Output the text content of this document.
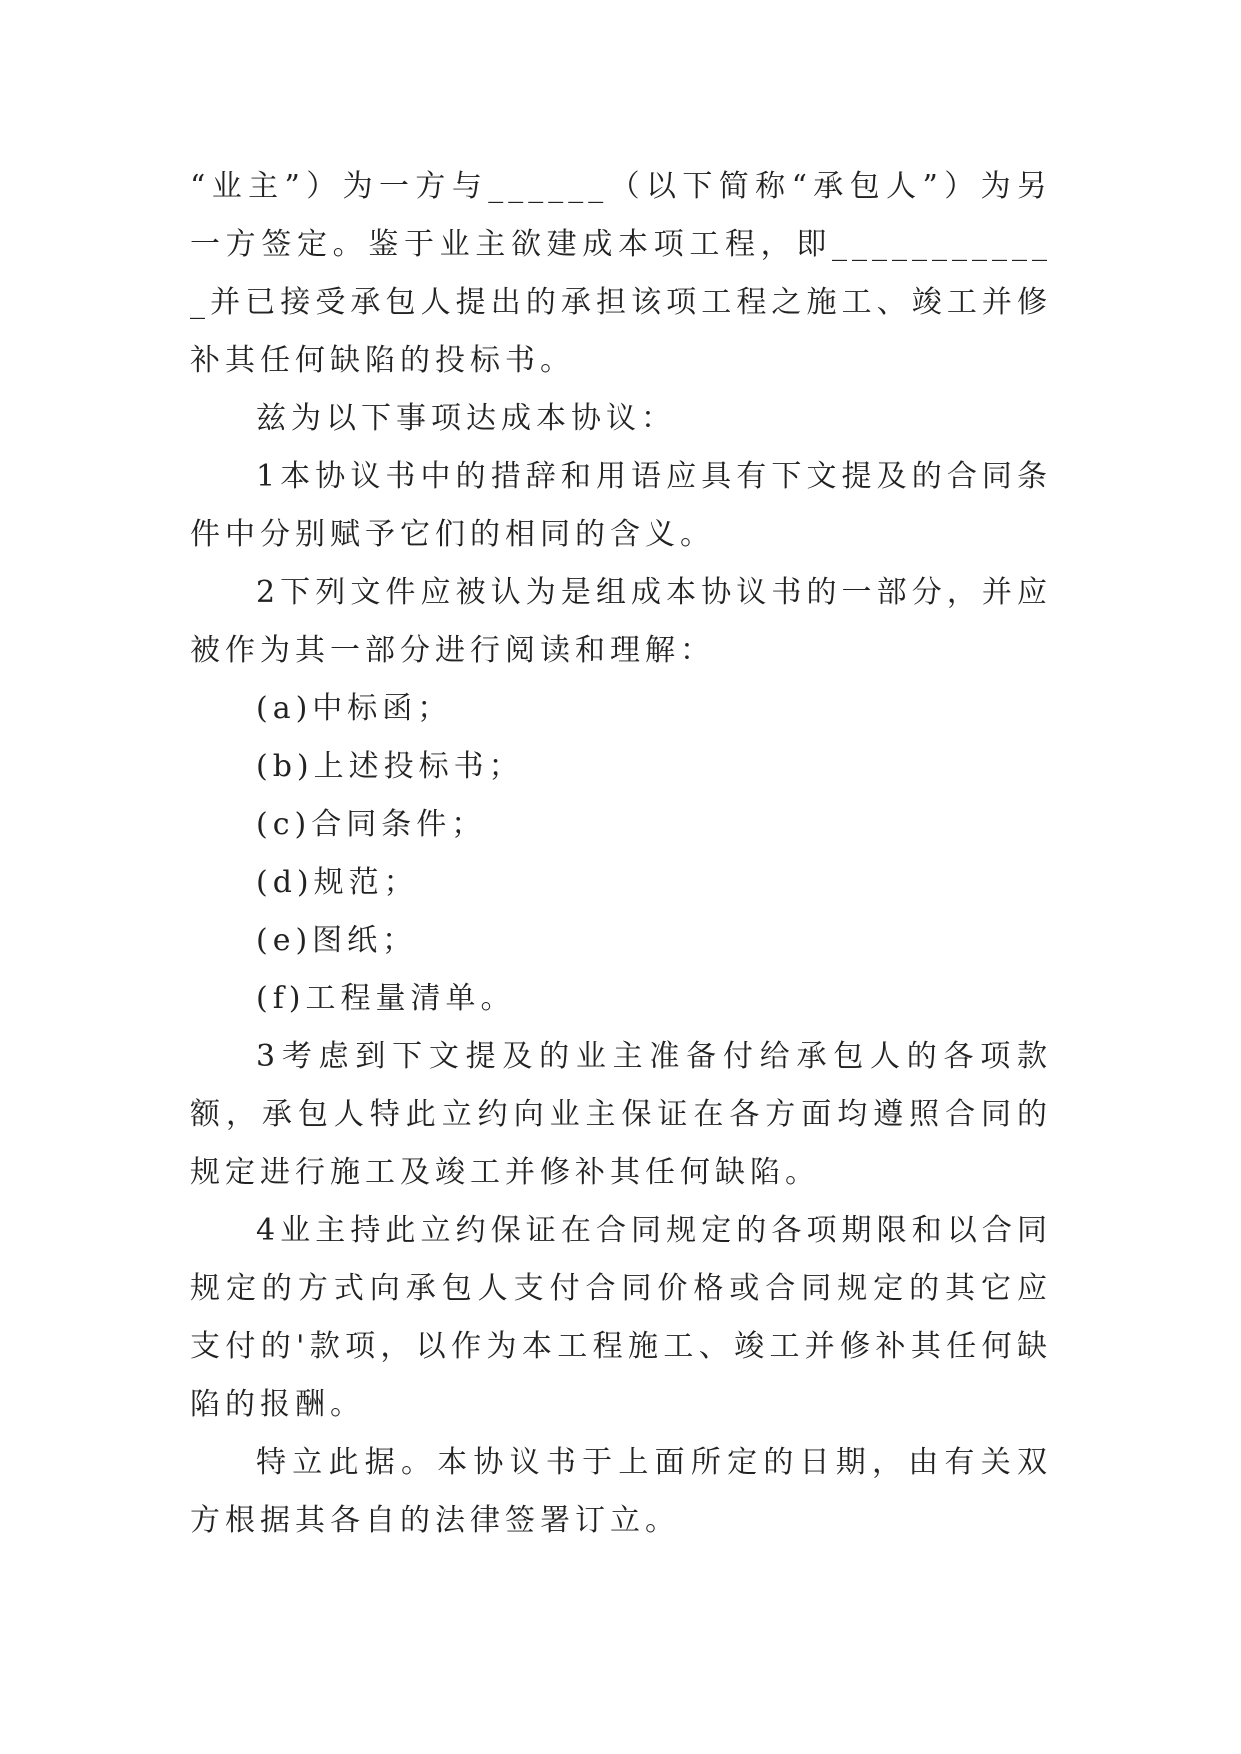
“业主”）为一方与______（以下简称“承包人”）为另一方签定。鉴于业主欲建成本项工程，即____________并已接受承包人提出的承担该项工程之施工、竣工并修补其任何缺陷的投标书。

兹为以下事项达成本协议：

1本协议书中的措辞和用语应具有下文提及的合同条件中分别赋予它们的相同的含义。

2下列文件应被认为是组成本协议书的一部分，并应被作为其一部分进行阅读和理解：

(a)中标函；

(b)上述投标书；

(c)合同条件；

(d)规范；

(e)图纸；

(f)工程量清单。

3考虑到下文提及的业主准备付给承包人的各项款额，承包人特此立约向业主保证在各方面均遵照合同的规定进行施工及竣工并修补其任何缺陷。

4业主持此立约保证在合同规定的各项期限和以合同规定的方式向承包人支付合同价格或合同规定的其它应支付的'款项，以作为本工程施工、竣工并修补其任何缺陷的报酬。

特立此据。本协议书于上面所定的日期，由有关双方根据其各自的法律签署订立。
